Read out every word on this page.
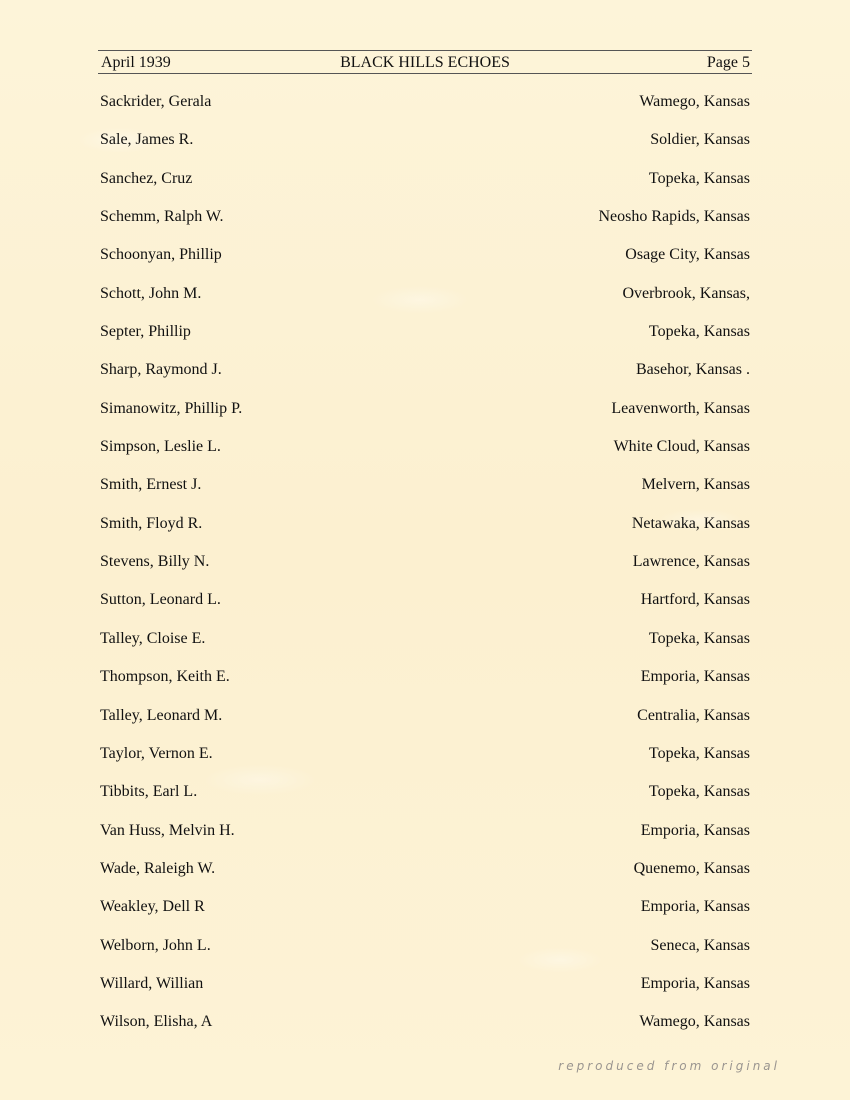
April 1939	BLACK HILLS ECHOES	Page 5
Sackrider, Gerala	Wamego, Kansas
Sale, James R.	Soldier, Kansas
Sanchez, Cruz	Topeka, Kansas
Schemm, Ralph W.	Neosho Rapids, Kansas
Schoonyan, Phillip	Osage City, Kansas
Schott, John M.	Overbrook, Kansas,
Septer, Phillip	Topeka, Kansas
Sharp, Raymond J.	Basehor, Kansas .
Simanowitz, Phillip P.	Leavenworth, Kansas
Simpson, Leslie L.	White Cloud, Kansas
Smith, Ernest J.	Melvern, Kansas
Smith, Floyd R.	Netawaka, Kansas
Stevens, Billy N.	Lawrence, Kansas
Sutton, Leonard L.	Hartford, Kansas
Talley, Cloise E.	Topeka, Kansas
Thompson, Keith E.	Emporia, Kansas
Talley, Leonard M.	Centralia, Kansas
Taylor, Vernon E.	Topeka, Kansas
Tibbits, Earl L.	Topeka, Kansas
Van Huss, Melvin H.	Emporia, Kansas
Wade, Raleigh W.	Quenemo, Kansas
Weakley, Dell R	Emporia, Kansas
Welborn, John L.	Seneca, Kansas
Willard, Willian	Emporia, Kansas
Wilson, Elisha, A	Wamego, Kansas
reproduced from original
